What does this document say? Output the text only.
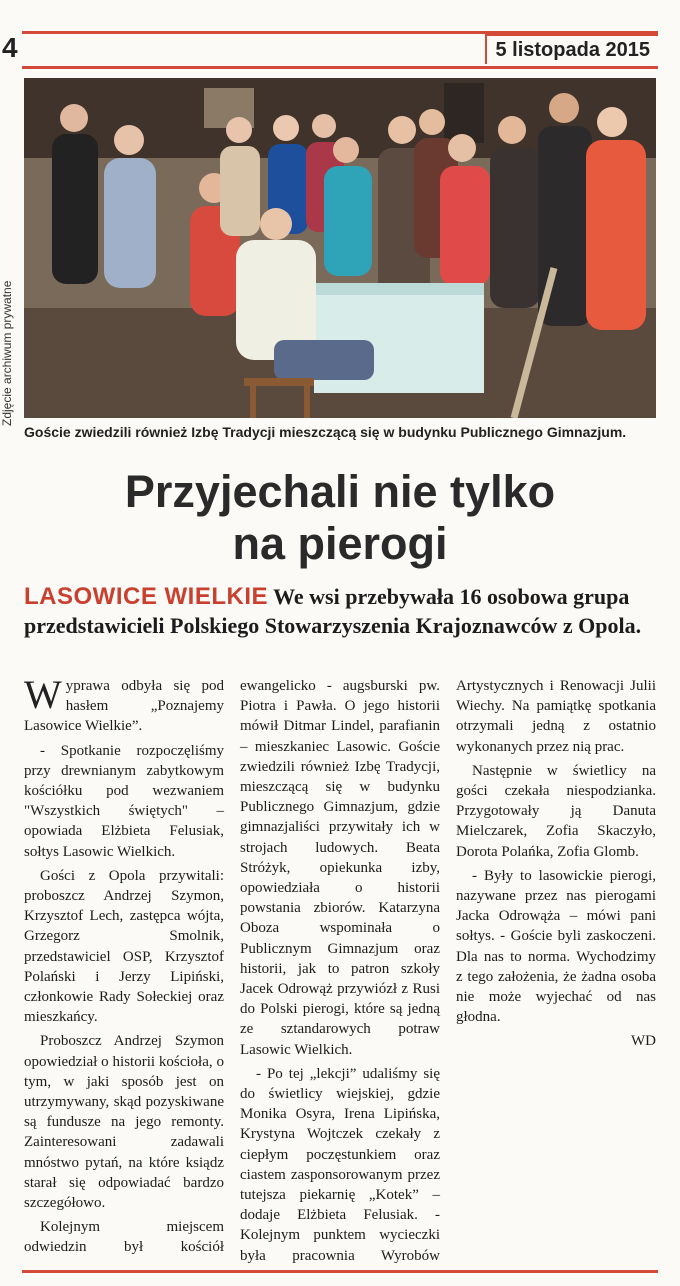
4	5 listopada 2015
Zdjęcie archiwum prywatne
Goście zwiedzili również Izbę Tradycji mieszczącą się w budynku Publicznego Gimnazjum.
Przyjechali nie tylko
na pierogi
LASOWICE WIELKIE We wsi przebywała 16 osobowa grupa przedstawicieli Polskiego Stowarzyszenia Krajoznawców z Opola.

Wyprawa odbyła się pod hasłem „Poznajemy Lasowice Wielkie”.

- Spotkanie rozpoczęliśmy przy drewnianym zabytkowym kościółku pod wezwaniem "Wszystkich świętych" – opowiada Elżbieta Felusiak, sołtys Lasowic Wielkich.

Gości z Opola przywitali: proboszcz Andrzej Szymon, Krzysztof Lech, zastępca wójta, Grzegorz Smolnik, przedstawiciel OSP, Krzysztof Polański i Jerzy Lipiński, członkowie Rady Sołeckiej oraz mieszkańcy.

Proboszcz Andrzej Szymon opowiedział o historii kościoła, o tym, w jaki sposób jest on utrzymywany, skąd pozyskiwane są fundusze na jego remonty. Zainteresowani zadawali mnóstwo pytań, na które ksiądz starał się odpowiadać bardzo szczegółowo.

Kolejnym miejscem odwiedzin był kościół ewangelicko - augsburski pw. Piotra i Pawła. O jego historii mówił Ditmar Lindel, parafianin – mieszkaniec Lasowic. Goście zwiedzili również Izbę Tradycji, mieszczącą się w budynku Publicznego Gimnazjum, gdzie gimnazjaliści przywitały ich w strojach ludowych. Beata Stróżyk, opiekunka izby, opowiedziała o historii powstania zbiorów. Katarzyna Oboza wspominała o Publicznym Gimnazjum oraz historii, jak to patron szkoły Jacek Odrowąż przywiózł z Rusi do Polski pierogi, które są jedną ze sztandarowych potraw Lasowic Wielkich.

- Po tej „lekcji” udaliśmy się do świetlicy wiejskiej, gdzie Monika Osyra, Irena Lipińska, Krystyna Wojtczek czekały z ciepłym poczęstunkiem oraz ciastem zasponsorowanym przez tutejsza piekarnię „Kotek” – dodaje Elżbieta Felusiak. - Kolejnym punktem wycieczki była pracownia Wyrobów Artystycznych i Renowacji Julii Wiechy. Na pamiątkę spotkania otrzymali jedną z ostatnio wykonanych przez nią prac.

Następnie w świetlicy na gości czekała niespodzianka. Przygotowały ją Danuta Mielczarek, Zofia Skaczyło, Dorota Polańka, Zofia Glomb.

- Były to lasowickie pierogi, nazywane przez nas pierogami Jacka Odrowąża – mówi pani sołtys. - Goście byli zaskoczeni. Dla nas to norma. Wychodzimy z tego założenia, że żadna osoba nie może wyjechać od nas głodna.

WD
